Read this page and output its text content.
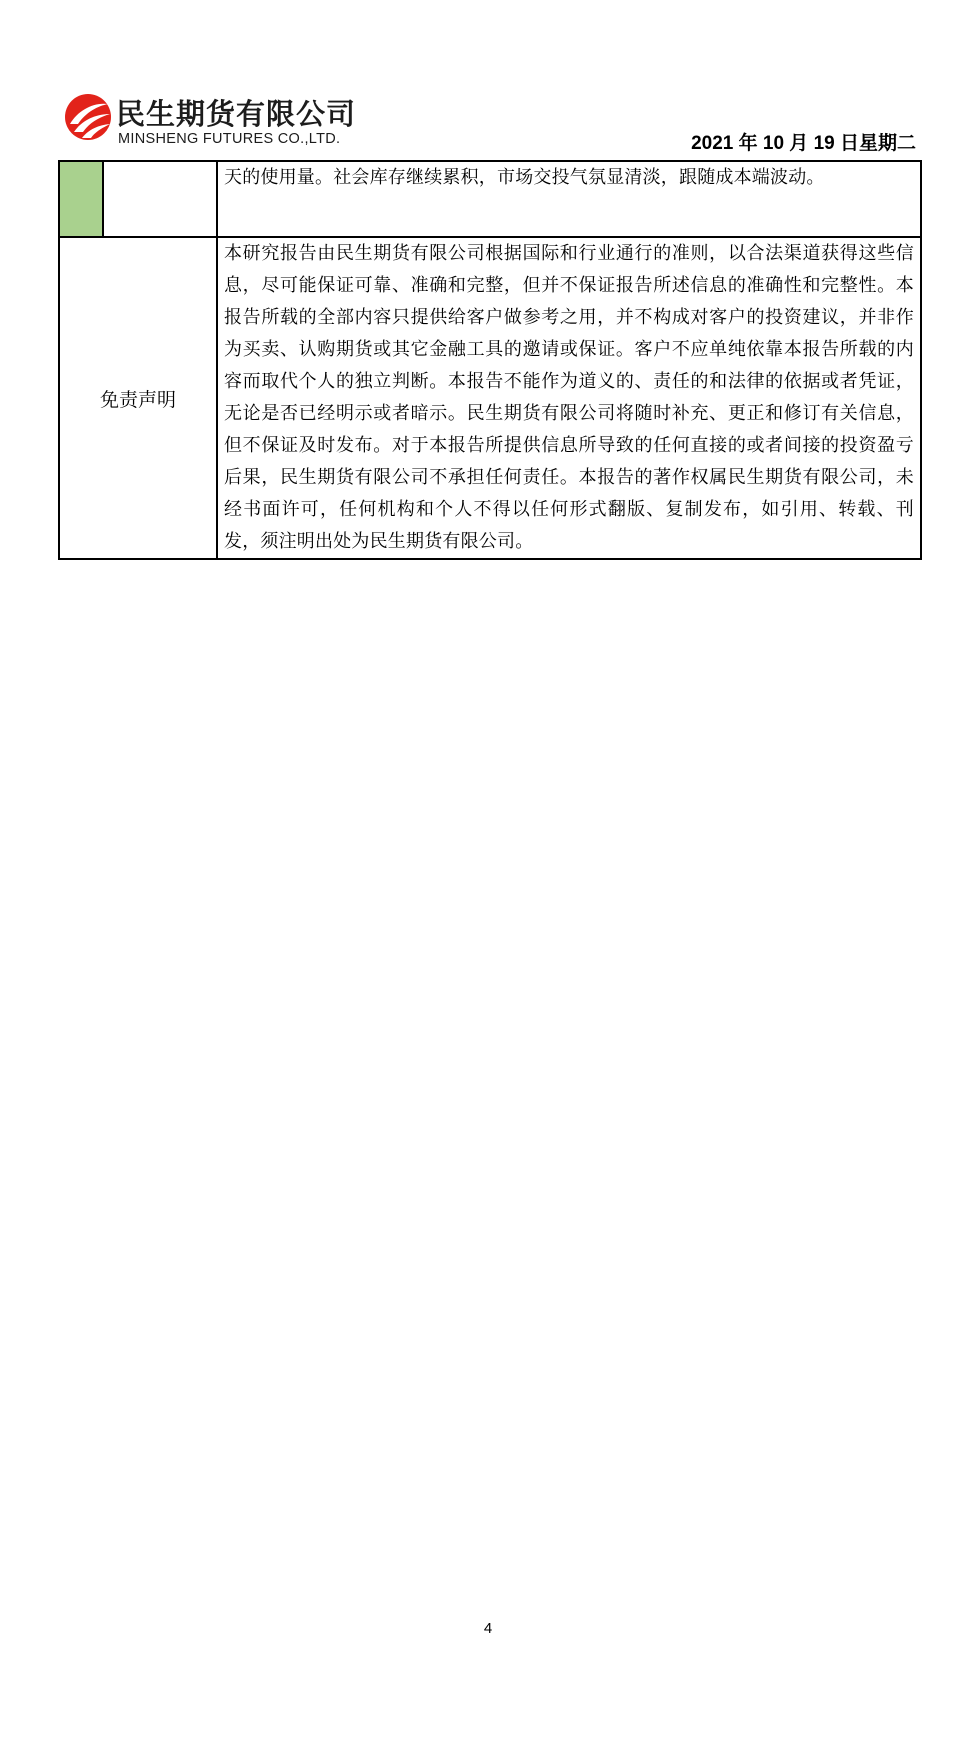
民生期货有限公司
MINSHENG FUTURES CO.,LTD.	2021 年 10 月 19 日星期二
		天的使用量。社会库存继续累积，市场交投气氛显清淡，跟随成本端波动。
免责声明		本研究报告由民生期货有限公司根据国际和行业通行的准则，以合法渠道获得这些信息，尽可能保证可靠、准确和完整，但并不保证报告所述信息的准确性和完整性。本报告所载的全部内容只提供给客户做参考之用，并不构成对客户的投资建议，并非作为买卖、认购期货或其它金融工具的邀请或保证。客户不应单纯依靠本报告所载的内容而取代个人的独立判断。本报告不能作为道义的、责任的和法律的依据或者凭证，无论是否已经明示或者暗示。民生期货有限公司将随时补充、更正和修订有关信息，但不保证及时发布。对于本报告所提供信息所导致的任何直接的或者间接的投资盈亏后果，民生期货有限公司不承担任何责任。本报告的著作权属民生期货有限公司，未经书面许可，任何机构和个人不得以任何形式翻版、复制发布，如引用、转载、刊发，须注明出处为民生期货有限公司。
4
